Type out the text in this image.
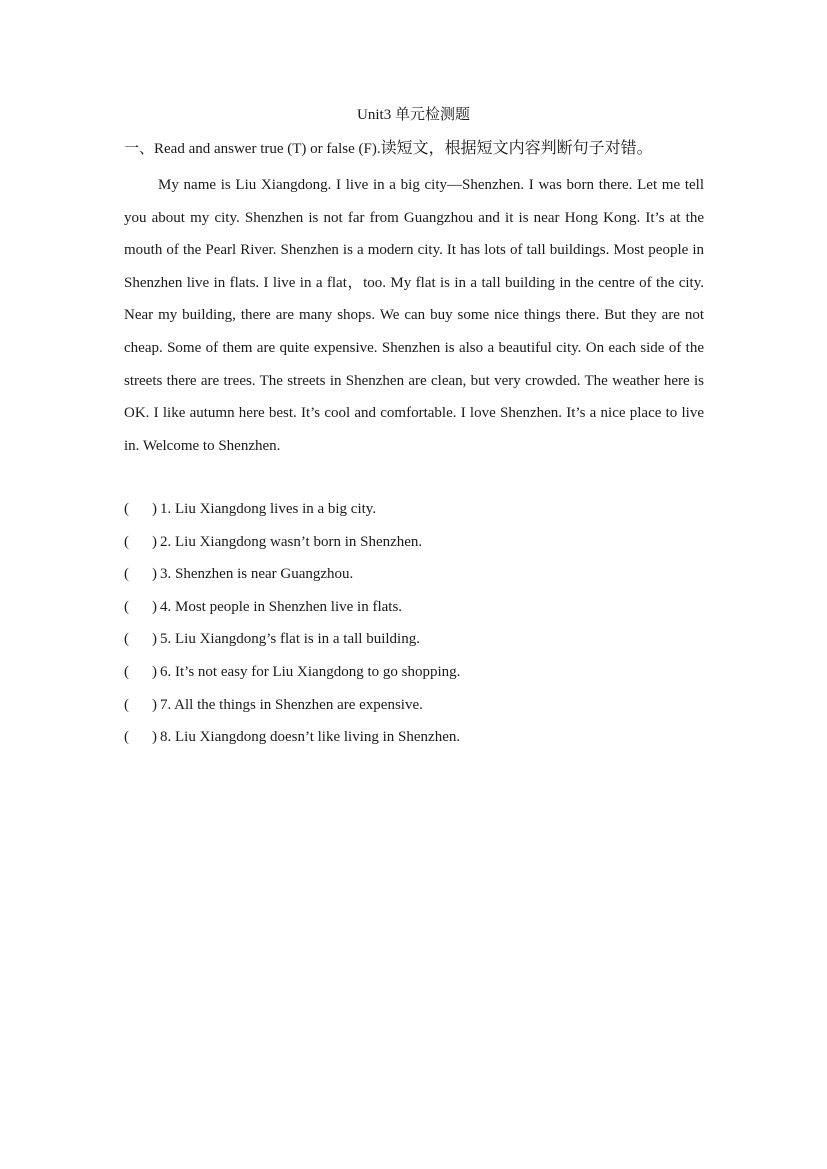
Unit3 单元检测题
一、Read and answer true (T) or false (F).读短文，根据短文内容判断句子对错。

My name is Liu Xiangdong. I live in a big city—Shenzhen. I was born there. Let me tell you about my city. Shenzhen is not far from Guangzhou and it is near Hong Kong. It’s at the mouth of the Pearl River. Shenzhen is a modern city. It has lots of tall buildings. Most people in Shenzhen live in flats. I live in a flat，too. My flat is in a tall building in the centre of the city. Near my building, there are many shops. We can buy some nice things there. But they are not cheap. Some of them are quite expensive. Shenzhen is also a beautiful city. On each side of the streets there are trees. The streets in Shenzhen are clean, but very crowded. The weather here is OK. I like autumn here best. It’s cool and comfortable. I love Shenzhen. It’s a nice place to live in. Welcome to Shenzhen.

( ) 1. Liu Xiangdong lives in a big city.
( ) 2. Liu Xiangdong wasn’t born in Shenzhen.
( ) 3. Shenzhen is near Guangzhou.
( ) 4. Most people in Shenzhen live in flats.
( ) 5. Liu Xiangdong’s flat is in a tall building.
( ) 6. It’s not easy for Liu Xiangdong to go shopping.
( ) 7. All the things in Shenzhen are expensive.
( ) 8. Liu Xiangdong doesn’t like living in Shenzhen.
